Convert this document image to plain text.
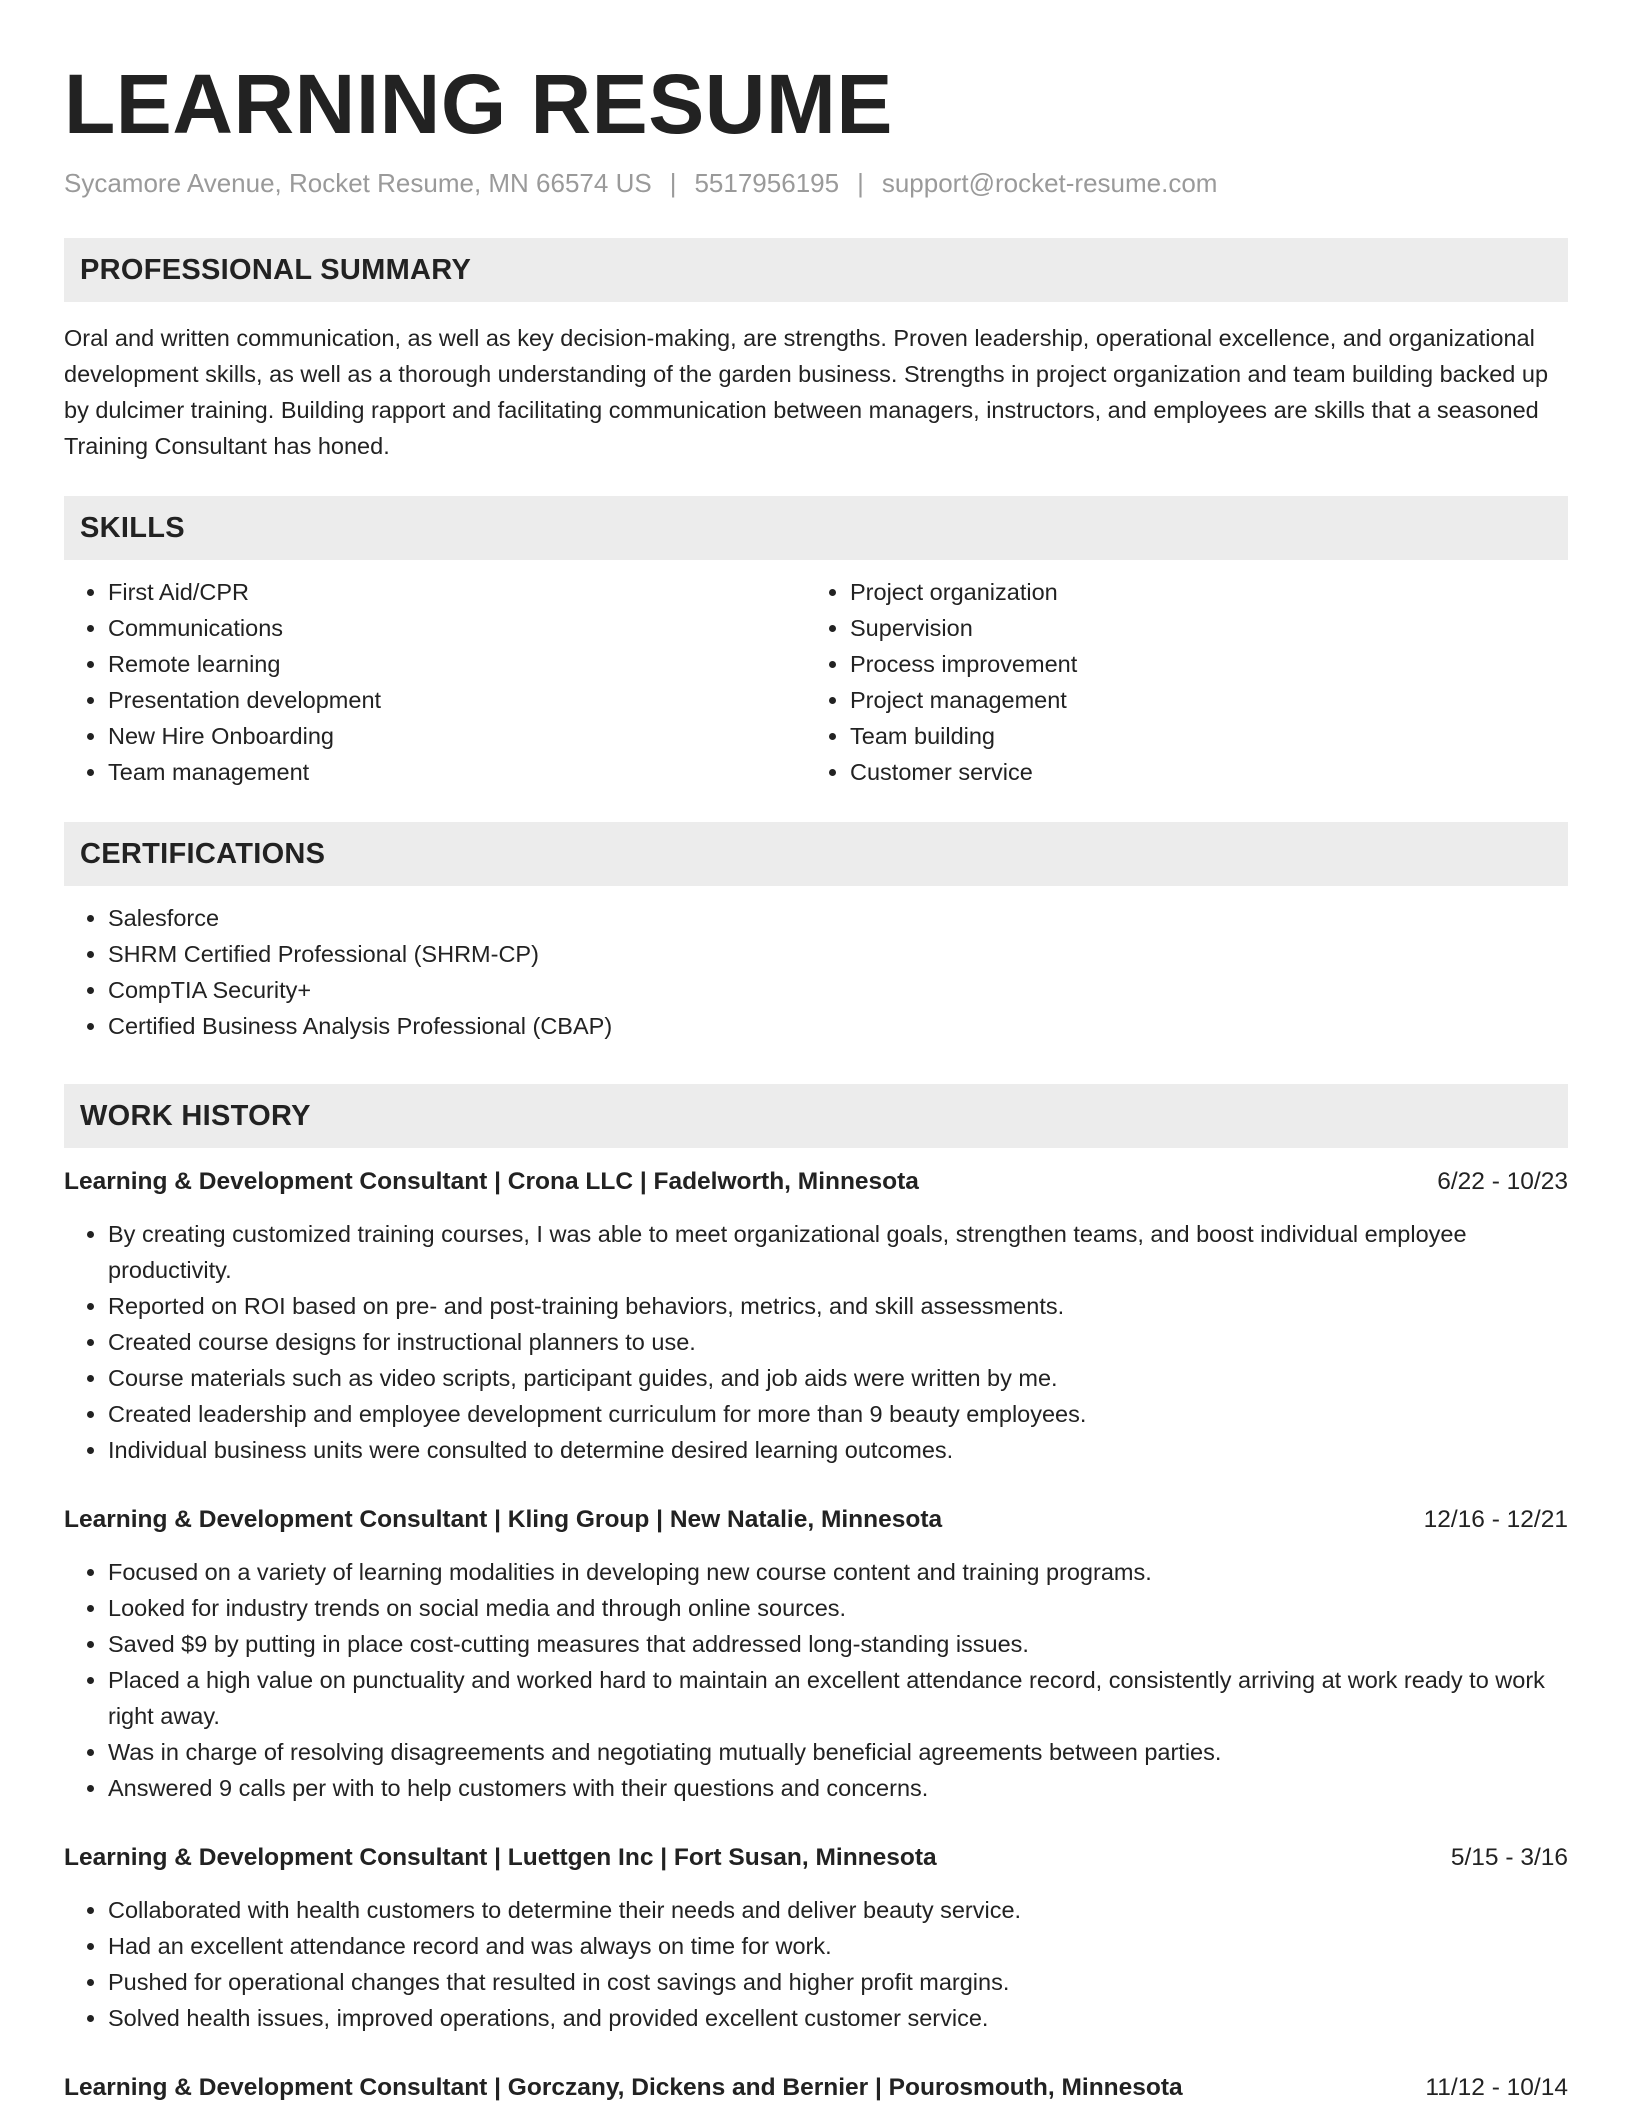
LEARNING RESUME
Sycamore Avenue, Rocket Resume, MN 66574 US | 5517956195 | support@rocket-resume.com
PROFESSIONAL SUMMARY

Oral and written communication, as well as key decision-making, are strengths. Proven leadership, operational excellence, and organizational development skills, as well as a thorough understanding of the garden business. Strengths in project organization and team building backed up by dulcimer training. Building rapport and facilitating communication between managers, instructors, and employees are skills that a seasoned Training Consultant has honed.

SKILLS
• First Aid/CPR
• Communications
• Remote learning
• Presentation development
• New Hire Onboarding
• Team management
• Project organization
• Supervision
• Process improvement
• Project management
• Team building
• Customer service
CERTIFICATIONS
• Salesforce
• SHRM Certified Professional (SHRM-CP)
• CompTIA Security+
• Certified Business Analysis Professional (CBAP)
WORK HISTORY
Learning & Development Consultant | Crona LLC | Fadelworth, Minnesota	6/22 - 10/23
• By creating customized training courses, I was able to meet organizational goals, strengthen teams, and boost individual employee productivity.
• Reported on ROI based on pre- and post-training behaviors, metrics, and skill assessments.
• Created course designs for instructional planners to use.
• Course materials such as video scripts, participant guides, and job aids were written by me.
• Created leadership and employee development curriculum for more than 9 beauty employees.
• Individual business units were consulted to determine desired learning outcomes.
Learning & Development Consultant | Kling Group | New Natalie, Minnesota	12/16 - 12/21
• Focused on a variety of learning modalities in developing new course content and training programs.
• Looked for industry trends on social media and through online sources.
• Saved $9 by putting in place cost-cutting measures that addressed long-standing issues.
• Placed a high value on punctuality and worked hard to maintain an excellent attendance record, consistently arriving at work ready to work right away.
• Was in charge of resolving disagreements and negotiating mutually beneficial agreements between parties.
• Answered 9 calls per with to help customers with their questions and concerns.
Learning & Development Consultant | Luettgen Inc | Fort Susan, Minnesota	5/15 - 3/16
• Collaborated with health customers to determine their needs and deliver beauty service.
• Had an excellent attendance record and was always on time for work.
• Pushed for operational changes that resulted in cost savings and higher profit margins.
• Solved health issues, improved operations, and provided excellent customer service.
Learning & Development Consultant | Gorczany, Dickens and Bernier | Pourosmouth, Minnesota	11/12 - 10/14
